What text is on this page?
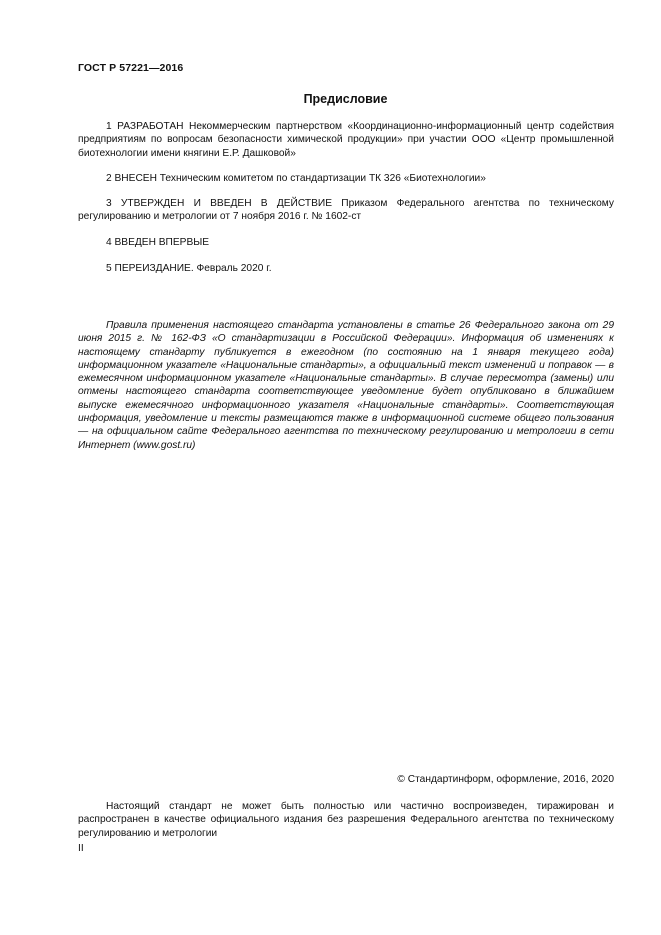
ГОСТ Р 57221—2016
Предисловие

1 РАЗРАБОТАН Некоммерческим партнерством «Координационно-информационный центр содействия предприятиям по вопросам безопасности химической продукции» при участии ООО «Центр промышленной биотехнологии имени княгини Е.Р. Дашковой»

2 ВНЕСЕН Техническим комитетом по стандартизации ТК 326 «Биотехнологии»

3 УТВЕРЖДЕН И ВВЕДЕН В ДЕЙСТВИЕ Приказом Федерального агентства по техническому регулированию и метрологии от 7 ноября 2016 г. № 1602-ст

4 ВВЕДЕН ВПЕРВЫЕ

5 ПЕРЕИЗДАНИЕ. Февраль 2020 г.

Правила применения настоящего стандарта установлены в статье 26 Федерального закона от 29 июня 2015 г. № 162-ФЗ «О стандартизации в Российской Федерации». Информация об изменениях к настоящему стандарту публикуется в ежегодном (по состоянию на 1 января текущего года) информационном указателе «Национальные стандарты», а официальный текст изменений и поправок — в ежемесячном информационном указателе «Национальные стандарты». В случае пересмотра (замены) или отмены настоящего стандарта соответствующее уведомление будет опубликовано в ближайшем выпуске ежемесячного информационного указателя «Национальные стандарты». Соответствующая информация, уведомление и тексты размещаются также в информационной системе общего пользования — на официальном сайте Федерального агентства по техническому регулированию и метрологии в сети Интернет (www.gost.ru)

© Стандартинформ, оформление, 2016, 2020

Настоящий стандарт не может быть полностью или частично воспроизведен, тиражирован и распространен в качестве официального издания без разрешения Федерального агентства по техническому регулированию и метрологии

II
